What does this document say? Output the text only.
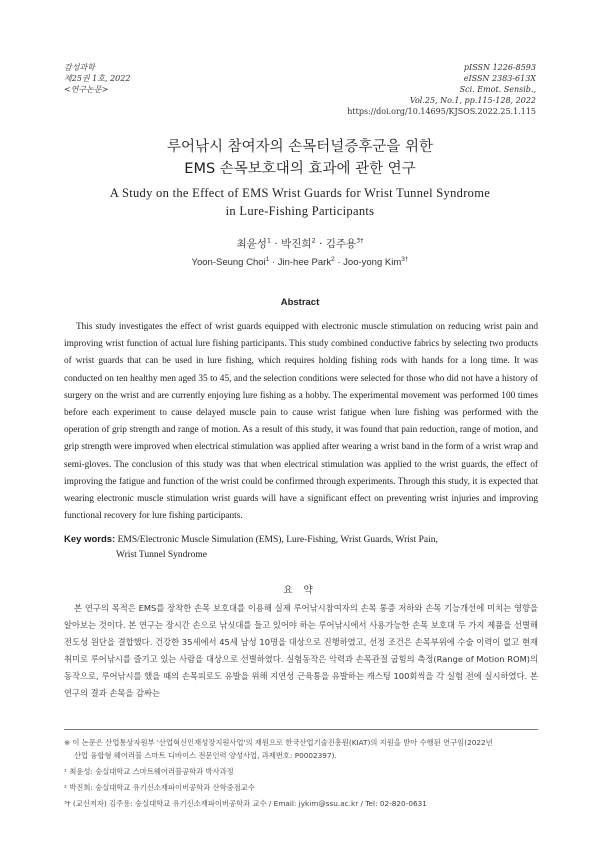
감성과학
제25권 1호, 2022
<연구논문>
pISSN 1226-8593
eISSN 2383-613X
Sci. Emot. Sensib.,
Vol.25, No.1, pp.115-128, 2022
https://doi.org/10.14695/KJSOS.2022.25.1.115
루어낚시 참여자의 손목터널증후군을 위한
EMS 손목보호대의 효과에 관한 연구
A Study on the Effect of EMS Wrist Guards for Wrist Tunnel Syndrome
in Lure-Fishing Participants
최윤성$^1$ · 박진희$^2$ · 김주용$^{3\dagger}$
Yoon-Seung Choi$^1$ · Jin-hee Park$^2$ · Joo-yong Kim$^{3\dagger}$
Abstract

This study investigates the effect of wrist guards equipped with electronic muscle stimulation on reducing wrist pain and improving wrist function of actual lure fishing participants. This study combined conductive fabrics by selecting two products of wrist guards that can be used in lure fishing, which requires holding fishing rods with hands for a long time. It was conducted on ten healthy men aged 35 to 45, and the selection conditions were selected for those who did not have a history of surgery on the wrist and are currently enjoying lure fishing as a hobby. The experimental movement was performed 100 times before each experiment to cause delayed muscle pain to cause wrist fatigue when lure fishing was performed with the operation of grip strength and range of motion. As a result of this study, it was found that pain reduction, range of motion, and grip strength were improved when electrical stimulation was applied after wearing a wrist band in the form of a wrist wrap and semi-gloves. The conclusion of this study was that when electrical stimulation was applied to the wrist guards, the effect of improving the fatigue and function of the wrist could be confirmed through experiments. Through this study, it is expected that wearing electronic muscle stimulation wrist guards will have a significant effect on preventing wrist injuries and improving functional recovery for lure fishing participants.

Key words: EMS/Electronic Muscle Simulation (EMS), Lure-Fishing, Wrist Guards, Wrist Pain,
Wrist Tunnel Syndrome
요 약

본 연구의 목적은 EMS를 장착한 손목 보호대를 이용해 실제 루어낚시참여자의 손목 통증 저하와 손목 기능개선에 미치는 영향을 알아보는 것이다. 본 연구는 장시간 손으로 낚싯대를 들고 있어야 하는 루어낚시에서 사용가능한 손목 보호대 두 가지 제품을 선별해 전도성 원단을 결합했다. 건강한 35세에서 45세 남성 10명을 대상으로 진행하였고, 선정 조건은 손목부위에 수술 이력이 없고 현재 취미로 루어낚시를 즐기고 있는 사람을 대상으로 선별하였다. 실험동작은 악력과 손목관절 굽힘의 측정(Range of Motion ROM)의 동작으로, 루어낚시를 했을 때의 손목피로도 유발을 위해 지연성 근육통을 유발하는 캐스팅 100회씩을 각 실험 전에 실시하였다. 본 연구의 결과 손목을 감싸는

※ 이 논문은 산업통상자원부 '산업혁신인재성장지원사업'의 재원으로 한국산업기술진흥원(KIAT)의 지원을 받아 수행된 연구임(2022년
산업 융합형 웨어러블 스마트 디바이스 전문인력 양성사업, 과제번호: P0002397).
¹ 최윤성: 숭실대학교 스마트웨어러블공학과 박사과정
² 박진희: 숭실대학교 유기신소재파이버공학과 산학중점교수
³† (교신저자) 김주용: 숭실대학교 유기신소재파이버공학과 교수 / Email: jykim@ssu.ac.kr / Tel: 02-820-0631
